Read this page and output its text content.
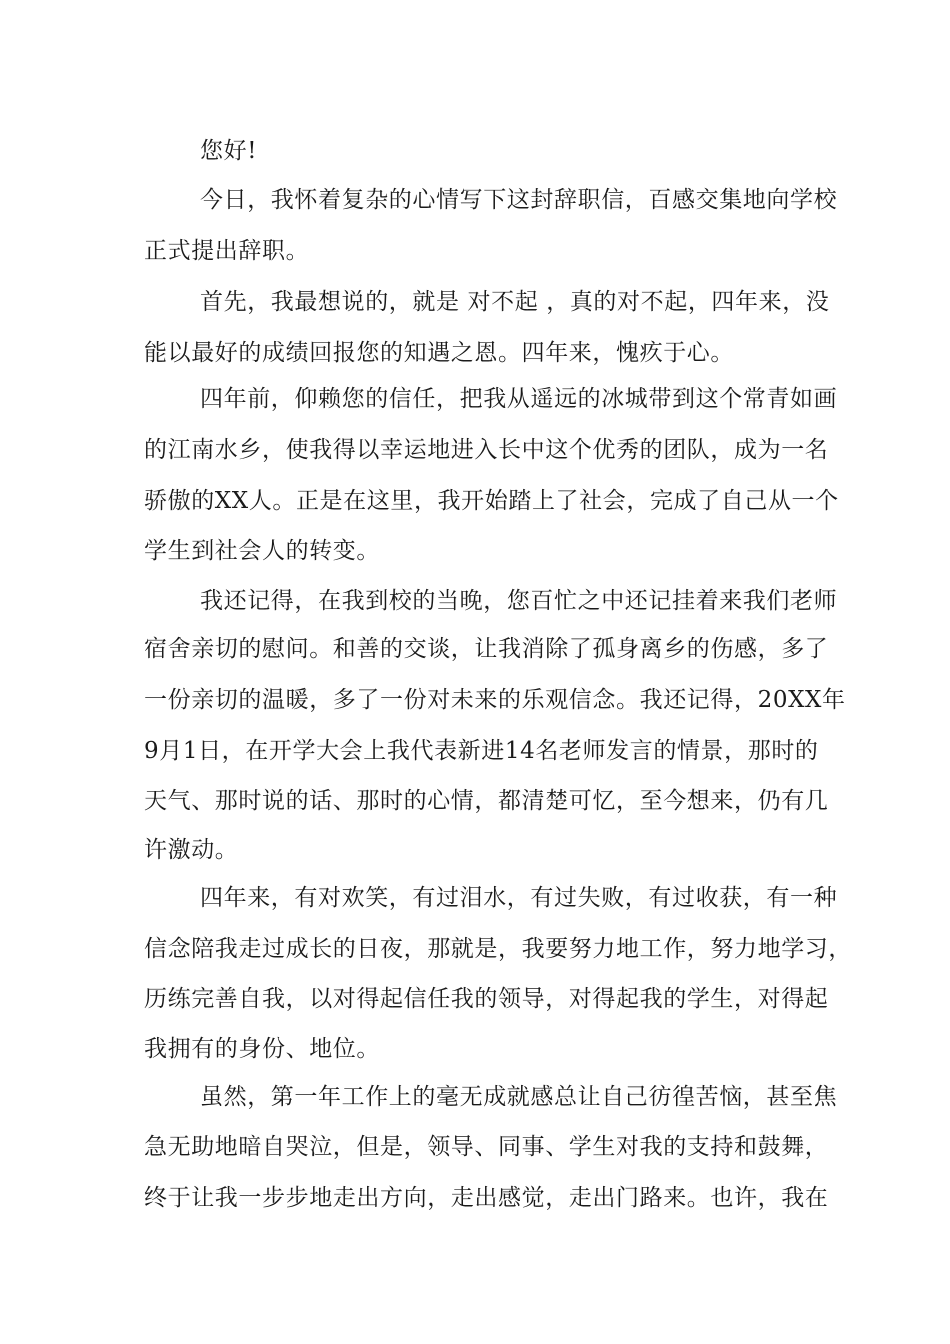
您好!
今日，我怀着复杂的心情写下这封辞职信，百感交集地向学校
正式提出辞职。
首先，我最想说的，就是 对不起 ，真的对不起，四年来，没
能以最好的成绩回报您的知遇之恩。四年来，愧疚于心。
四年前，仰赖您的信任，把我从遥远的冰城带到这个常青如画
的江南水乡，使我得以幸运地进入长中这个优秀的团队，成为一名
骄傲的XX人。正是在这里，我开始踏上了社会，完成了自己从一个
学生到社会人的转变。
我还记得，在我到校的当晚，您百忙之中还记挂着来我们老师
宿舍亲切的慰问。和善的交谈，让我消除了孤身离乡的伤感，多了
一份亲切的温暖，多了一份对未来的乐观信念。我还记得，20XX年
9月1日，在开学大会上我代表新进14名老师发言的情景，那时的
天气、那时说的话、那时的心情，都清楚可忆，至今想来，仍有几
许激动。
四年来，有对欢笑，有过泪水，有过失败，有过收获，有一种
信念陪我走过成长的日夜，那就是，我要努力地工作，努力地学习，
历练完善自我，以对得起信任我的领导，对得起我的学生，对得起
我拥有的身份、地位。
虽然，第一年工作上的毫无成就感总让自己彷徨苦恼，甚至焦
急无助地暗自哭泣，但是，领导、同事、学生对我的支持和鼓舞，
终于让我一步步地走出方向，走出感觉，走出门路来。也许，我在
